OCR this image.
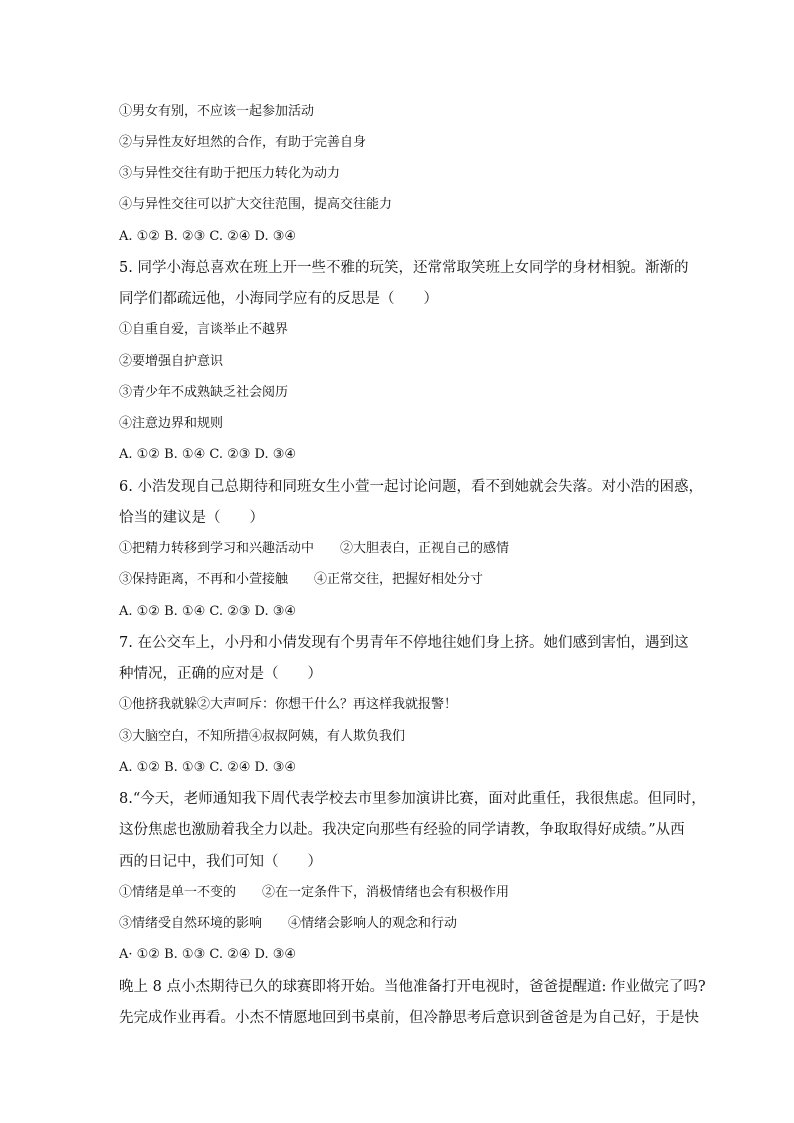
①男女有别，不应该一起参加活动
②与异性友好坦然的合作，有助于完善自身
③与异性交往有助于把压力转化为动力
④与异性交往可以扩大交往范围，提高交往能力
A. ①② B. ②③ C. ②④ D. ③④
5. 同学小海总喜欢在班上开一些不雅的玩笑，还常常取笑班上女同学的身材相貌。渐渐的
同学们都疏远他，小海同学应有的反思是（　　）
①自重自爱，言谈举止不越界
②要增强自护意识
③青少年不成熟缺乏社会阅历
④注意边界和规则
A. ①② B. ①④ C. ②③ D. ③④
6. 小浩发现自己总期待和同班女生小萱一起讨论问题，看不到她就会失落。对小浩的困惑，
恰当的建议是（　　）
①把精力转移到学习和兴趣活动中　　②大胆表白，正视自己的感情
③保持距离，不再和小萱接触　　④正常交往，把握好相处分寸
A. ①② B. ①④ C. ②③ D. ③④
7. 在公交车上，小丹和小倩发现有个男青年不停地往她们身上挤。她们感到害怕，遇到这
种情况，正确的应对是（　　）
①他挤我就躲②大声呵斥：你想干什么？再这样我就报警！
③大脑空白，不知所措④叔叔阿姨，有人欺负我们
A. ①② B. ①③ C. ②④ D. ③④
8.“今天，老师通知我下周代表学校去市里参加演讲比赛，面对此重任，我很焦虑。但同时，
这份焦虑也激励着我全力以赴。我决定向那些有经验的同学请教，争取取得好成绩。”从西
西的日记中，我们可知（　　）
①情绪是单一不变的　　②在一定条件下，消极情绪也会有积极作用
③情绪受自然环境的影响　　④情绪会影响人的观念和行动
A· ①② B. ①③ C. ②④ D. ③④
晚上 8 点小杰期待已久的球赛即将开始。当他准备打开电视时，爸爸提醒道: 作业做完了吗?
先完成作业再看。小杰不情愿地回到书桌前，但冷静思考后意识到爸爸是为自己好，于是快
